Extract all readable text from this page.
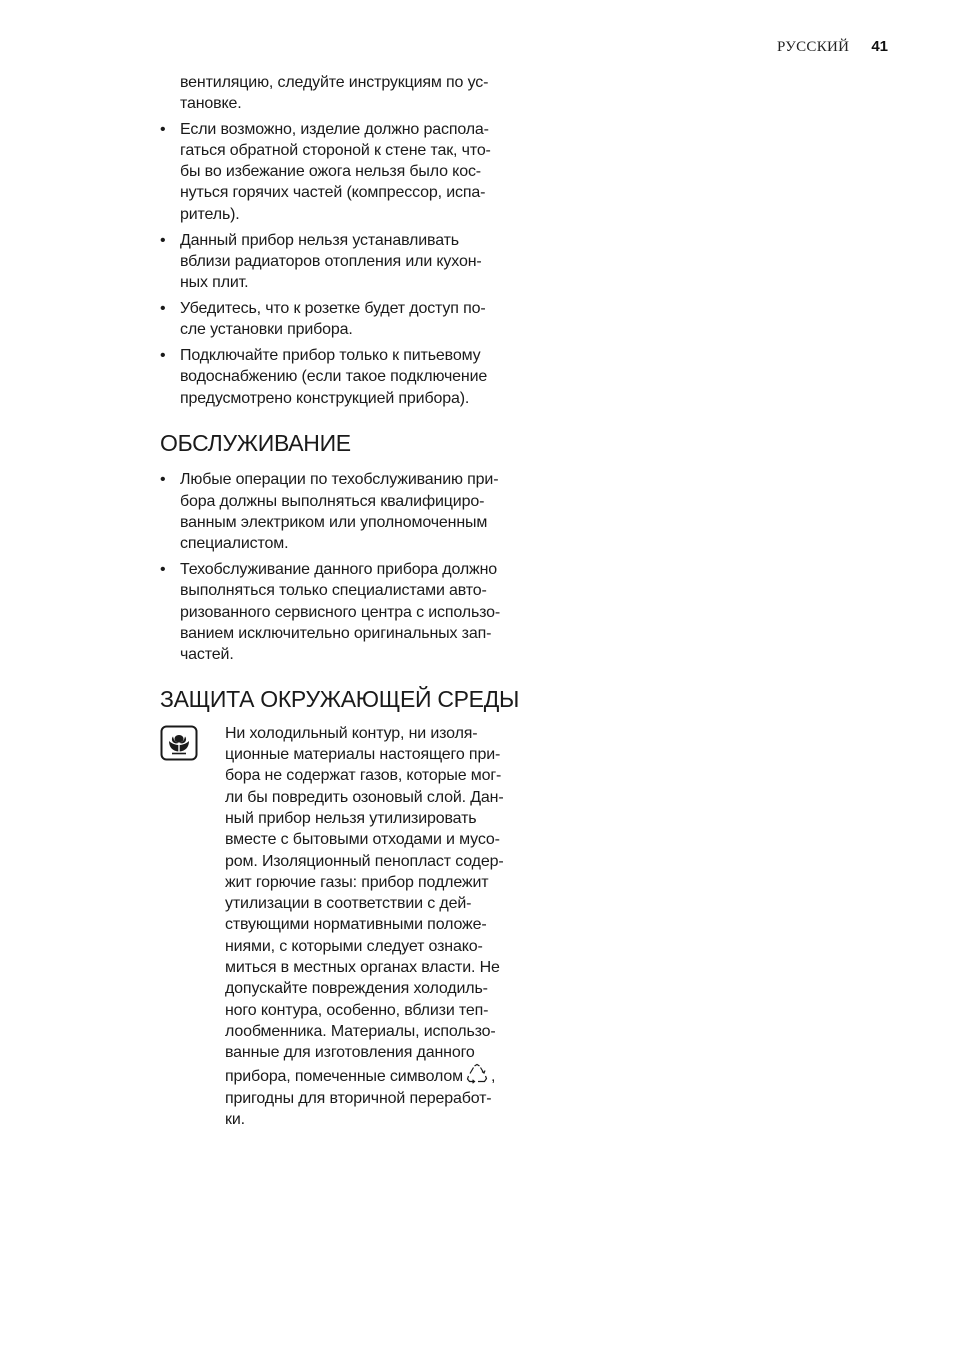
РУССКИЙ 41
вентиляцию, следуйте инструкциям по ус-
тановке.
• Если возможно, изделие должно распола-
гаться обратной стороной к стене так, что-
бы во избежание ожога нельзя было кос-
нуться горячих частей (компрессор, испа-
ритель).
• Данный прибор нельзя устанавливать
вблизи радиаторов отопления или кухон-
ных плит.
• Убедитесь, что к розетке будет доступ по-
сле установки прибора.
• Подключайте прибор только к питьевому
водоснабжению (если такое подключение
предусмотрено конструкцией прибора).
ОБСЛУЖИВАНИЕ
• Любые операции по техобслуживанию при-
бора должны выполняться квалифициро-
ванным электриком или уполномоченным
специалистом.
• Техобслуживание данного прибора должно
выполняться только специалистами авто-
ризованного сервисного центра с использо-
ванием исключительно оригинальных зап-
частей.
ЗАЩИТА ОКРУЖАЮЩЕЙ СРЕДЫ

Ни холодильный контур, ни изоля-
ционные материалы настоящего при-
бора не содержат газов, которые мог-
ли бы повредить озоновый слой. Дан-
ный прибор нельзя утилизировать
вместе с бытовыми отходами и мусо-
ром. Изоляционный пенопласт содер-
жит горючие газы: прибор подлежит
утилизации в соответствии с дей-
ствующими нормативными положе-
ниями, с которыми следует ознако-
миться в местных органах власти. Не
допускайте повреждения холодиль-
ного контура, особенно, вблизи теп-
лообменника. Материалы, использо-
ванные для изготовления данного
прибора, помеченные символом ,
пригодны для вторичной переработ-
ки.
